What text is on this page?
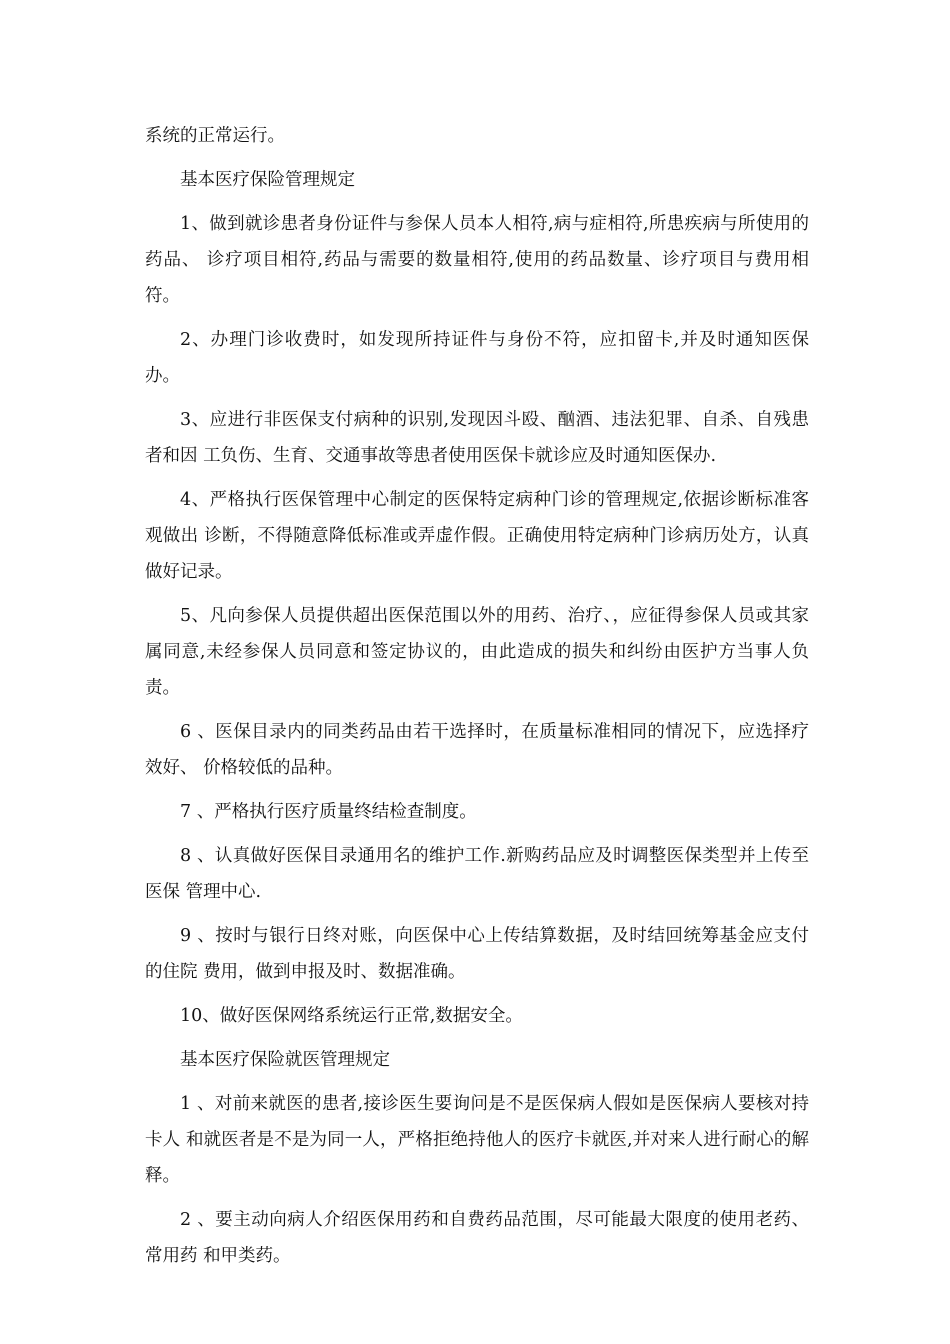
系统的正常运行。

基本医疗保险管理规定

1、做到就诊患者身份证件与参保人员本人相符,病与症相符,所患疾病与所使用的药品、 诊疗项目相符,药品与需要的数量相符,使用的药品数量、诊疗项目与费用相符。

2、办理门诊收费时，如发现所持证件与身份不符，应扣留卡,并及时通知医保办。

3、应进行非医保支付病种的识别,发现因斗殴、酗酒、违法犯罪、自杀、自残患者和因 工负伤、生育、交通事故等患者使用医保卡就诊应及时通知医保办.

4、严格执行医保管理中心制定的医保特定病种门诊的管理规定,依据诊断标准客观做出 诊断，不得随意降低标准或弄虚作假。正确使用特定病种门诊病历处方，认真做好记录。

5、凡向参保人员提供超出医保范围以外的用药、治疗、，应征得参保人员或其家属同意,未经参保人员同意和签定协议的，由此造成的损失和纠纷由医护方当事人负责。

6 、医保目录内的同类药品由若干选择时，在质量标准相同的情况下，应选择疗效好、 价格较低的品种。

7 、严格执行医疗质量终结检查制度。

8 、认真做好医保目录通用名的维护工作.新购药品应及时调整医保类型并上传至医保 管理中心.

9 、按时与银行日终对账，向医保中心上传结算数据，及时结回统筹基金应支付的住院 费用，做到申报及时、数据准确。

10、做好医保网络系统运行正常,数据安全。

基本医疗保险就医管理规定

1 、对前来就医的患者,接诊医生要询问是不是医保病人假如是医保病人要核对持卡人 和就医者是不是为同一人，严格拒绝持他人的医疗卡就医,并对来人进行耐心的解释。

2 、要主动向病人介绍医保用药和自费药品范围，尽可能最大限度的使用老药、常用药 和甲类药。
